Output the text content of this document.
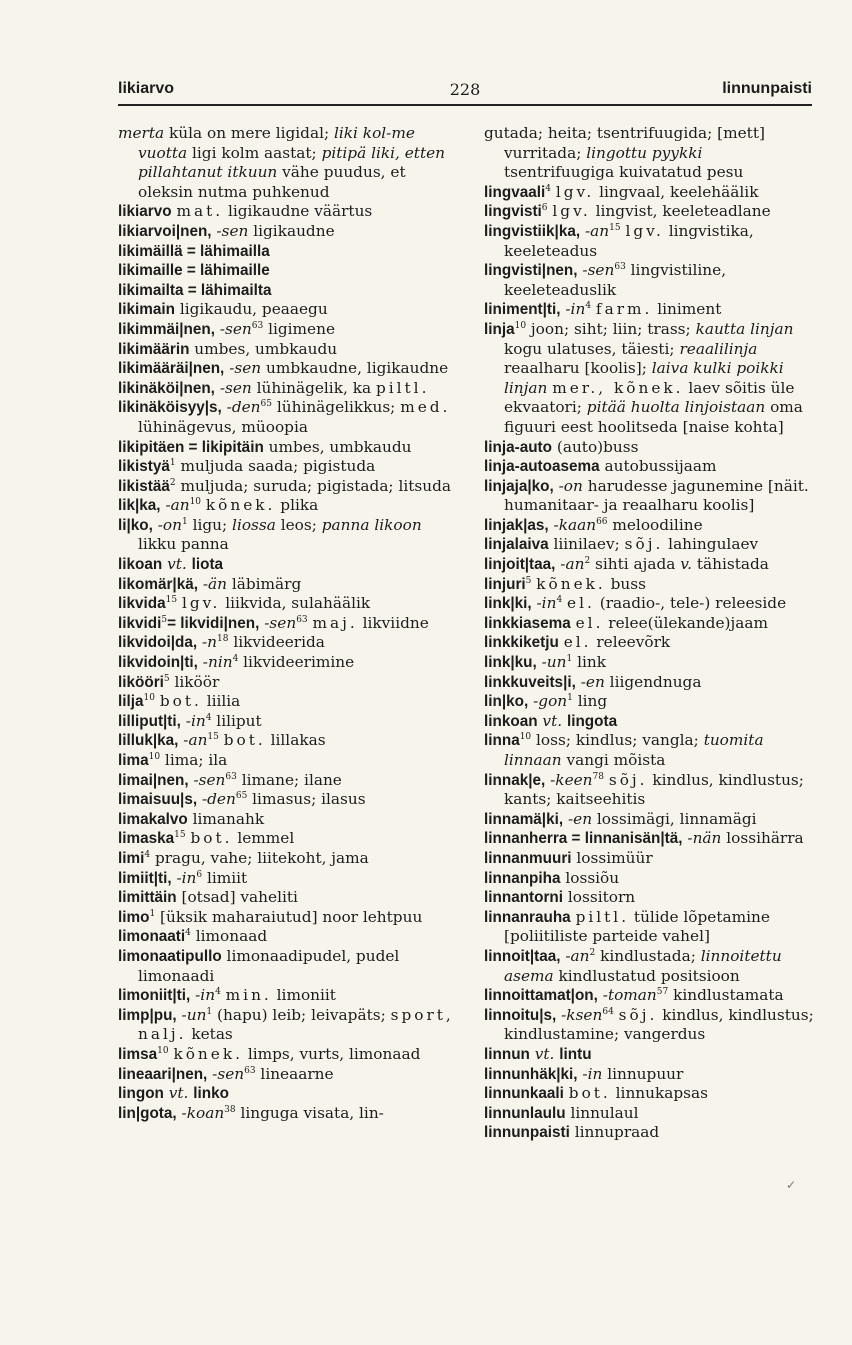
likiarvo	228	linnunpaisti

merta küla on mere ligidal; liki kol-me vuotta ligi kolm aastat; pitipä liki, etten pillahtanut itkuun vähe puudus, et oleksin nutma puhkenud

likiarvo mat. ligikaudne väärtus

likiarvoi|nen, -sen ligikaudne

likimäillä = lähimailla

likimaille = lähimaille

likimailta = lähimailta

likimain ligikaudu, peaaegu

likimmäi|nen, -sen$^{63}$ ligimene

likimäärin umbes, umbkaudu

likimääräi|nen, -sen umbkaudne, ligikaudne

likinäköi|nen, -sen lühinägelik, ka piltl.

likinäköisyy|s, -den$^{65}$ lühinägelikkus; med. lühinägevus, müoopia

likipitäen = likipitäin umbes, umbkaudu

likistyä$^1$ muljuda saada; pigistuda

likistää$^2$ muljuda; suruda; pigistada; litsuda

lik|ka, $-an^{10}$ kõnek. plika

li|ko, $-on^1$ ligu; liossa leos; panna likoon likku panna

likoan vt. liota

likomär|kä, -än läbimärg

likvida$^{15}$ lgv. liikvida, sulahäälik

likvidi$^5$= likvidi|nen, -sen$^{63}$ maj. likviidne

likvidoi|da, $-n^{18}$ likvideerida

likvidoin|ti, -nin$^4$ likvideerimine

likööri$^5$ liköör

lilja$^{10}$ bot. liilia

lilliput|ti, $-in^4$ liliput

lilluk|ka, $-an^{15}$ bot. lillakas

lima$^{10}$ lima; ila

limai|nen, -sen$^{63}$ limane; ilane

limaisuu|s, -den$^{65}$ limasus; ilasus

limakalvo limanahk

limaska$^{15}$ bot. lemmel

limi$^4$ pragu, vahe; liitekoht, jama

limiit|ti, $-in^6$ limiit

limittäin [otsad] vaheliti

limo$^1$ [üksik maharaiutud] noor lehtpuu

limonaati$^4$ limonaad

limonaatipullo limonaadipudel, pudel limonaadi

limoniit|ti, $-in^4$ min. limoniit

limp|pu, $-un^1$ (hapu) leib; leivapäts; sport, nalj. ketas

limsa$^{10}$ kõnek. limps, vurts, limonaad

lineaari|nen, -sen$^{63}$ lineaarne

lingon vt. linko

lin|gota, -koan$^{38}$ linguga visata, lin-

gutada; heita; tsentrifuugida; [mett] vurritada; lingottu pyykki tsentrifuugiga kuivatatud pesu

lingvaali$^4$ lgv. lingvaal, keelehäälik

lingvisti$^6$ lgv. lingvist, keeleteadlane

lingvistiik|ka, $-an^{15}$ lgv. lingvistika, keeleteadus

lingvisti|nen, -sen$^{63}$ lingvistiline, keeleteaduslik

liniment|ti, $-in^4$ farm. liniment

linja$^{10}$ joon; siht; liin; trass; kautta linjan kogu ulatuses, täiesti; reaalilinja reaalharu [koolis]; laiva kulki poikki linjan mer., kõnek. laev sõitis üle ekvaatori; pitää huolta linjoistaan oma figuuri eest hoolitseda [naise kohta]

linja-auto (auto)buss

linja-autoasema autobussijaam

linjaja|ko, -on harudesse jagunemine [näit. humanitaar- ja reaalharu koolis]

linjak|as, -kaan$^{66}$ meloodiline

linjalaiva liinilaev; sõj. lahingulaev

linjoit|taa, $-an^2$ sihti ajada v. tähistada

linjuri$^5$ kõnek. buss

link|ki, $-in^4$ el. (raadio-, tele-) releeside

linkkiasema el. relee(ülekande)jaam

linkkiketju el. releevõrk

link|ku, $-un^1$ link

linkkuveits|i, -en liigendnuga

lin|ko, -gon$^1$ ling

linkoan vt. lingota

linna$^{10}$ loss; kindlus; vangla; tuomita linnaan vangi mõista

linnak|e, -keen$^{78}$ sõj. kindlus, kindlustus; kants; kaitseehitis

linnamä|ki, -en lossimägi, linnamägi

linnanherra = linnanisän|tä, -nän lossihärra

linnanmuuri lossimüür

linnanpiha lossiõu

linnantorni lossitorn

linnanrauha piltl. tülide lõpetamine [poliitiliste parteide vahel]

linnoit|taa, $-an^2$ kindlustada; linnoitettu asema kindlustatud positsioon

linnoittamat|on, -toman$^{57}$ kindlustamata

linnoitu|s, -ksen$^{64}$ sõj. kindlus, kindlustus; kindlustamine; vangerdus

linnun vt. lintu

linnunhäk|ki, -in linnupuur

linnunkaali bot. linnukapsas

linnunlaulu linnulaul

linnunpaisti linnupraad

✓
